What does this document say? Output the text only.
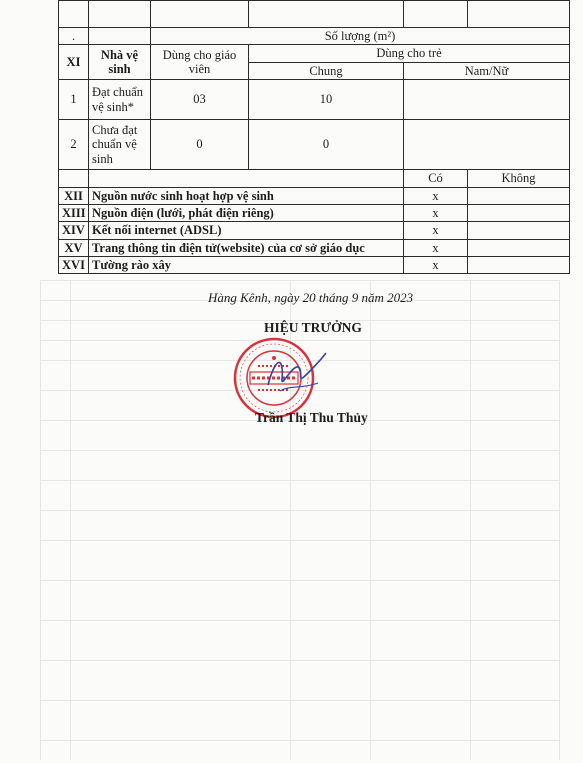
.		Số lượng (m²)			
XI	Nhà vệ sinh	Dùng cho giáo viên	Dùng cho trẻ		
			Chung	Nam/Nữ	
1	Đạt chuẩn vệ sinh*	03	10		
2	Chưa đạt chuẩn vệ sinh	0	0		
				Có	Không
XII	Nguồn nước sinh hoạt hợp vệ sinh			x	
XIII	Nguồn điện (lưới, phát điện riêng)			x	
XIV	Kết nối internet (ADSL)			x	
XV	Trang thông tin điện tử(website) của cơ sở giáo dục			x	
XVI	Tường rào xây			x	
Hàng Kênh, ngày 20 tháng 9 năm 2023
HIỆU TRƯỞNG
Trần Thị Thu Thủy
